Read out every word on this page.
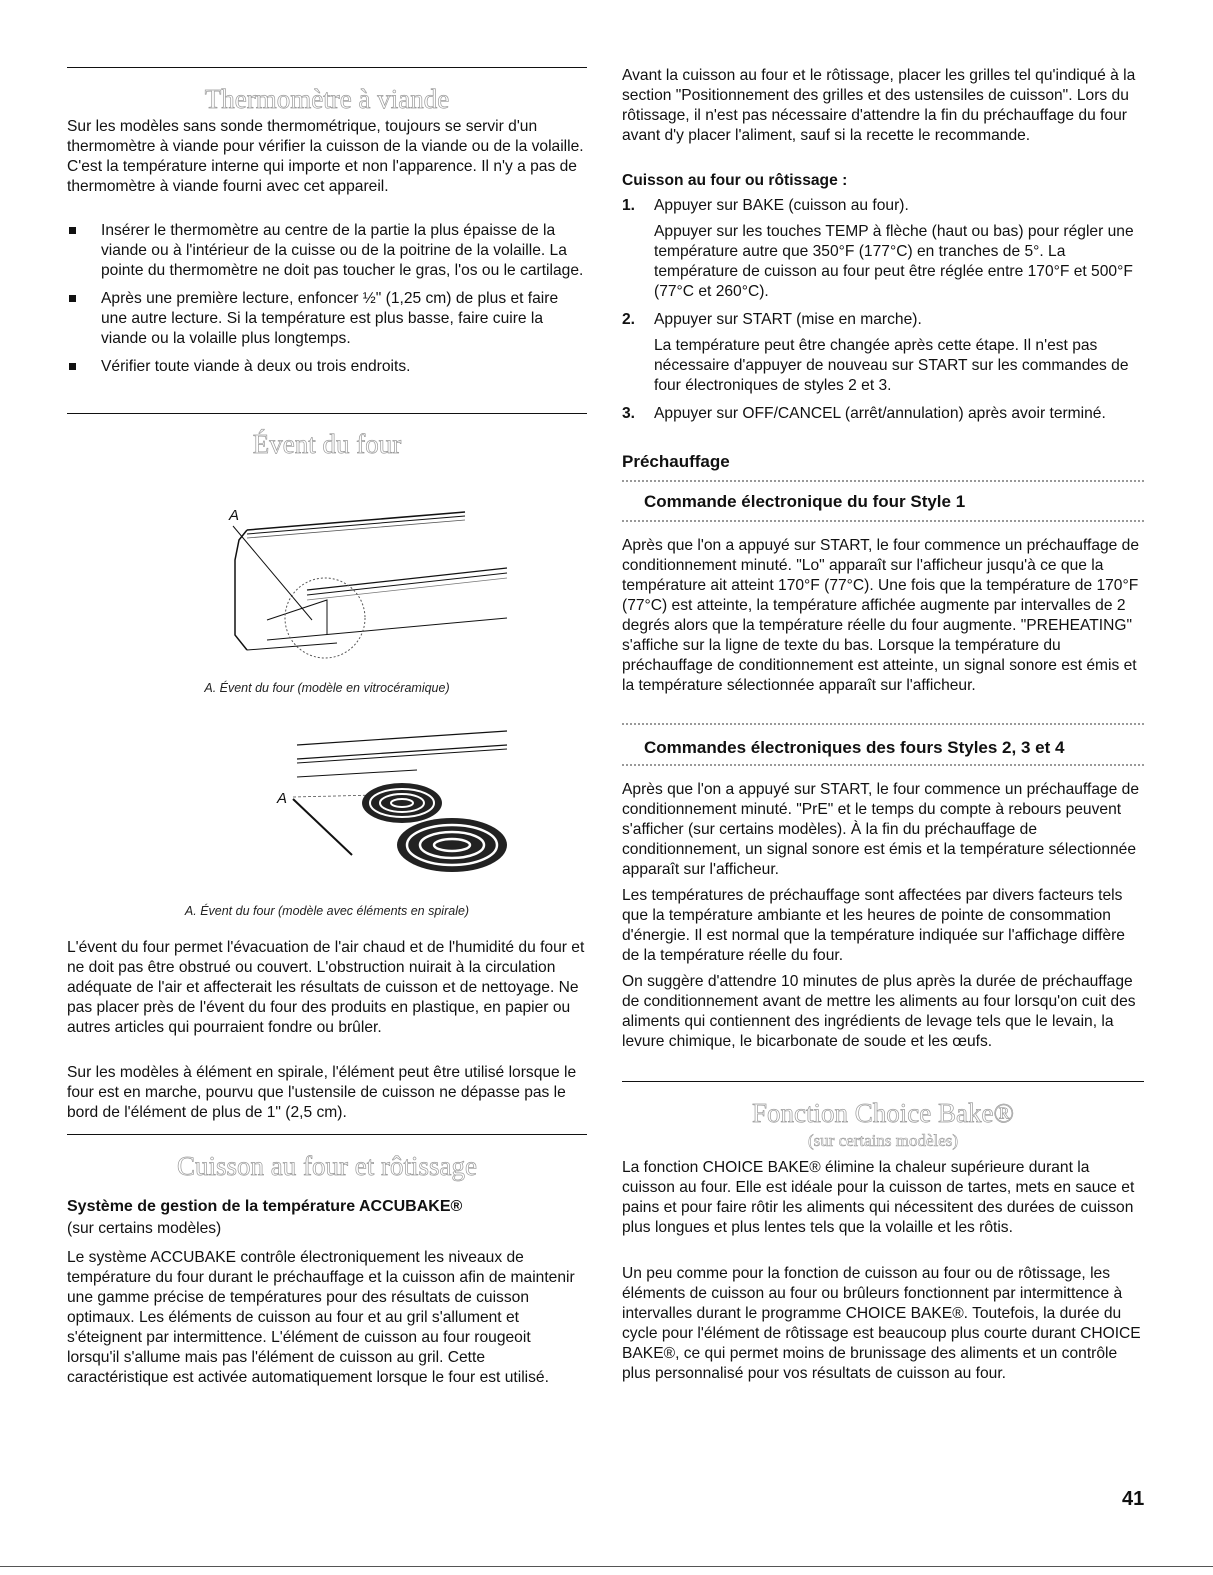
Thermomètre à viande

Sur les modèles sans sonde thermométrique, toujours se servir d'un thermomètre à viande pour vérifier la cuisson de la viande ou de la volaille. C'est la température interne qui importe et non l'apparence. Il n'y a pas de thermomètre à viande fourni avec cet appareil.

Insérer le thermomètre au centre de la partie la plus épaisse de la viande ou à l'intérieur de la cuisse ou de la poitrine de la volaille. La pointe du thermomètre ne doit pas toucher le gras, l'os ou le cartilage.
Après une première lecture, enfoncer ½" (1,25 cm) de plus et faire une autre lecture. Si la température est plus basse, faire cuire la viande ou la volaille plus longtemps.
Vérifier toute viande à deux ou trois endroits.
Évent du four
A
A. Évent du four (modèle en vitrocéramique)
A
A. Évent du four (modèle avec éléments en spirale)

L'évent du four permet l'évacuation de l'air chaud et de l'humidité du four et ne doit pas être obstrué ou couvert. L'obstruction nuirait à la circulation adéquate de l'air et affecterait les résultats de cuisson et de nettoyage. Ne pas placer près de l'évent du four des produits en plastique, en papier ou autres articles qui pourraient fondre ou brûler.

Sur les modèles à élément en spirale, l'élément peut être utilisé lorsque le four est en marche, pourvu que l'ustensile de cuisson ne dépasse pas le bord de l'élément de plus de 1" (2,5 cm).

Cuisson au four et rôtissage

Système de gestion de la température ACCUBAKE®

(sur certains modèles)

Le système ACCUBAKE contrôle électroniquement les niveaux de température du four durant le préchauffage et la cuisson afin de maintenir une gamme précise de températures pour des résultats de cuisson optimaux. Les éléments de cuisson au four et au gril s'allument et s'éteignent par intermittence. L'élément de cuisson au four rougeoit lorsqu'il s'allume mais pas l'élément de cuisson au gril. Cette caractéristique est activée automatiquement lorsque le four est utilisé.

Avant la cuisson au four et le rôtissage, placer les grilles tel qu'indiqué à la section "Positionnement des grilles et des ustensiles de cuisson". Lors du rôtissage, il n'est pas nécessaire d'attendre la fin du préchauffage du four avant d'y placer l'aliment, sauf si la recette le recommande.

Cuisson au four ou rôtissage :

1. Appuyer sur BAKE (cuisson au four).
Appuyer sur les touches TEMP à flèche (haut ou bas) pour régler une température autre que 350°F (177°C) en tranches de 5°. La température de cuisson au four peut être réglée entre 170°F et 500°F (77°C et 260°C).
2. Appuyer sur START (mise en marche).
La température peut être changée après cette étape. Il n'est pas nécessaire d'appuyer de nouveau sur START sur les commandes de four électroniques de styles 2 et 3.
3. Appuyer sur OFF/CANCEL (arrêt/annulation) après avoir terminé.

Préchauffage

Commande électronique du four Style 1

Après que l'on a appuyé sur START, le four commence un préchauffage de conditionnement minuté. "Lo" apparaît sur l'afficheur jusqu'à ce que la température ait atteint 170°F (77°C). Une fois que la température de 170°F (77°C) est atteinte, la température affichée augmente par intervalles de 2 degrés alors que la température réelle du four augmente. "PREHEATING" s'affiche sur la ligne de texte du bas. Lorsque la température du préchauffage de conditionnement est atteinte, un signal sonore est émis et la température sélectionnée apparaît sur l'afficheur.

Commandes électroniques des fours Styles 2, 3 et 4

Après que l'on a appuyé sur START, le four commence un préchauffage de conditionnement minuté. "PrE" et le temps du compte à rebours peuvent s'afficher (sur certains modèles). À la fin du préchauffage de conditionnement, un signal sonore est émis et la température sélectionnée apparaît sur l'afficheur.

Les températures de préchauffage sont affectées par divers facteurs tels que la température ambiante et les heures de pointe de consommation d'énergie. Il est normal que la température indiquée sur l'affichage diffère de la température réelle du four.

On suggère d'attendre 10 minutes de plus après la durée de préchauffage de conditionnement avant de mettre les aliments au four lorsqu'on cuit des aliments qui contiennent des ingrédients de levage tels que le levain, la levure chimique, le bicarbonate de soude et les œufs.

Fonction Choice Bake®
(sur certains modèles)

La fonction CHOICE BAKE® élimine la chaleur supérieure durant la cuisson au four. Elle est idéale pour la cuisson de tartes, mets en sauce et pains et pour faire rôtir les aliments qui nécessitent des durées de cuisson plus longues et plus lentes tels que la volaille et les rôtis.

Un peu comme pour la fonction de cuisson au four ou de rôtissage, les éléments de cuisson au four ou brûleurs fonctionnent par intermittence à intervalles durant le programme CHOICE BAKE®. Toutefois, la durée du cycle pour l'élément de rôtissage est beaucoup plus courte durant CHOICE BAKE®, ce qui permet moins de brunissage des aliments et un contrôle plus personnalisé pour vos résultats de cuisson au four.

41
